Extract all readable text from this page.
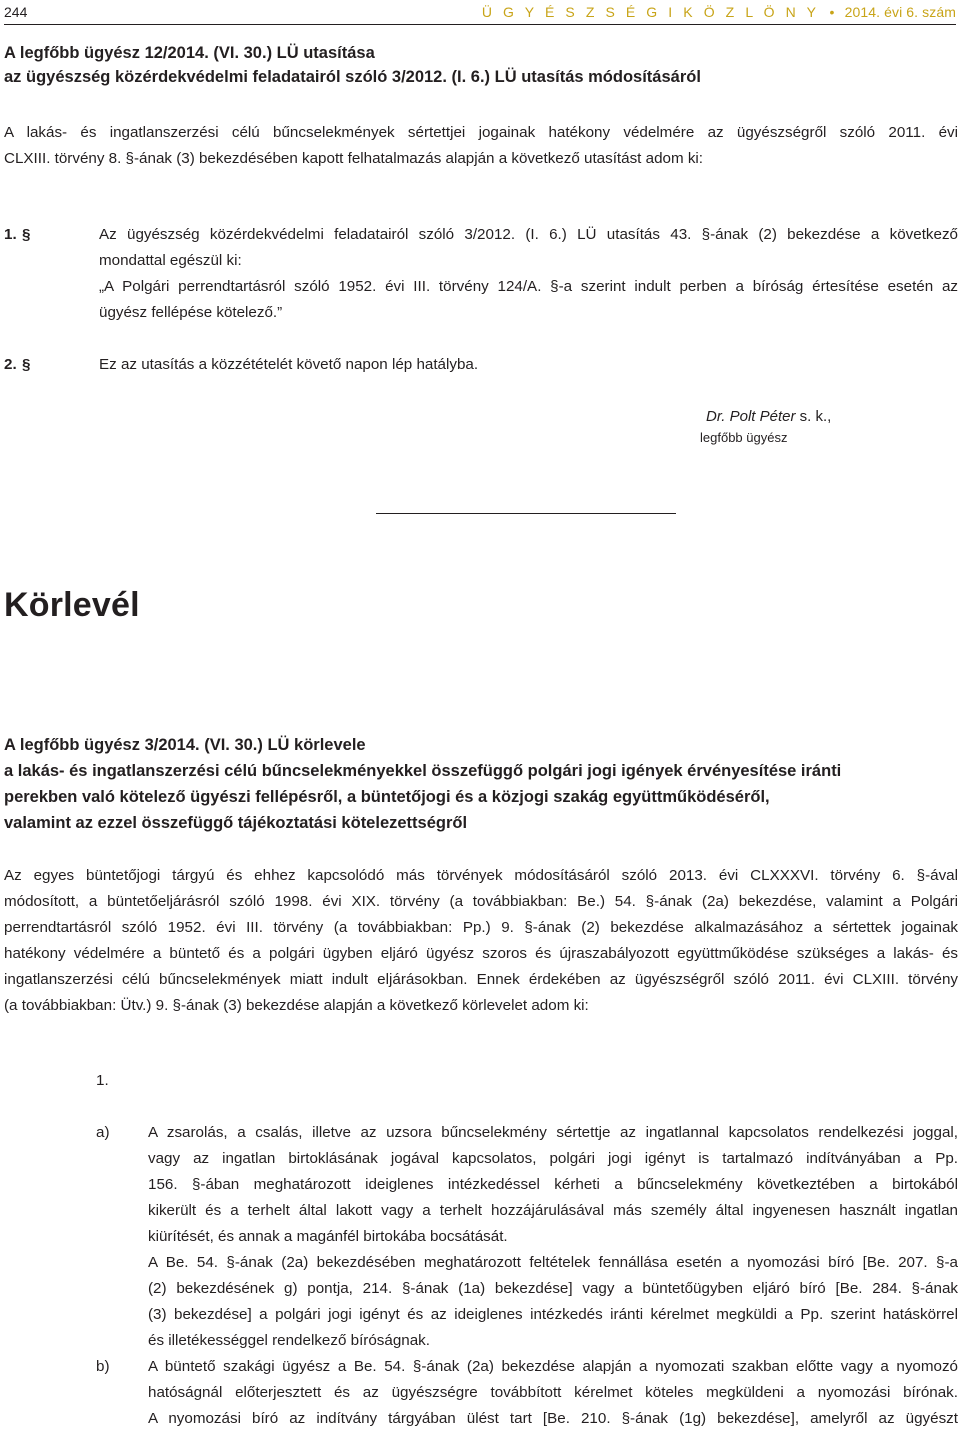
244	Ü G Y É S Z S É G I K Ö Z L Ö N Y • 2014. évi 6. szám
A legfőbb ügyész 12/2014. (VI. 30.) LÜ utasítása
az ügyészség közérdekvédelmi feladatairól szóló 3/2012. (I. 6.) LÜ utasítás módosításáról
A lakás- és ingatlanszerzési célú bűncselekmények sértettjei jogainak hatékony védelmére az ügyészségről szóló 2011. évi
CLXIII. törvény 8. §-ának (3) bekezdésében kapott felhatalmazás alapján a következő utasítást adom ki:
1. §	Az ügyészség közérdekvédelmi feladatairól szóló 3/2012. (I. 6.) LÜ utasítás 43. §-ának (2) bekezdése a következő
mondattal egészül ki:
„A Polgári perrendtartásról szóló 1952. évi III. törvény 124/A. §-a szerint indult perben a bíróság értesítése esetén az
ügyész fellépése kötelező.”
2. §	Ez az utasítás a közzétételét követő napon lép hatályba.
Dr. Polt Péter s. k.,
legfőbb ügyész
Körlevél
A legfőbb ügyész 3/2014. (VI. 30.) LÜ körlevele
a lakás- és ingatlanszerzési célú bűncselekményekkel összefüggő polgári jogi igények érvényesítése iránti
perekben való kötelező ügyészi fellépésről, a büntetőjogi és a közjogi szakág együttműködéséről,
valamint az ezzel összefüggő tájékoztatási kötelezettségről
Az egyes büntetőjogi tárgyú és ehhez kapcsolódó más törvények módosításáról szóló 2013. évi CLXXXVI. törvény 6. §-ával
módosított, a büntetőeljárásról szóló 1998. évi XIX. törvény (a továbbiakban: Be.) 54. §-ának (2a) bekezdése, valamint a Polgári
perrendtartásról szóló 1952. évi III. törvény (a továbbiakban: Pp.) 9. §-ának (2) bekezdése alkalmazásához a sértettek jogainak
hatékony védelmére a büntető és a polgári ügyben eljáró ügyész szoros és újraszabályozott együttműködése szükséges a lakás- és
ingatlanszerzési célú bűncselekmények miatt indult eljárásokban. Ennek érdekében az ügyészségről szóló 2011. évi CLXIII. törvény
(a továbbiakban: Ütv.) 9. §-ának (3) bekezdése alapján a következő körlevelet adom ki:
1.
a)	A zsarolás, a csalás, illetve az uzsora bűncselekmény sértettje az ingatlannal kapcsolatos rendelkezési joggal,
vagy az ingatlan birtoklásának jogával kapcsolatos, polgári jogi igényt is tartalmazó indítványában a Pp.
156. §-ában meghatározott ideiglenes intézkedéssel kérheti a bűncselekmény következtében a birtokából
kikerült és a terhelt által lakott vagy a terhelt hozzájárulásával más személy által ingyenesen használt ingatlan
kiürítését, és annak a magánfél birtokába bocsátását.
A Be. 54. §-ának (2a) bekezdésében meghatározott feltételek fennállása esetén a nyomozási bíró [Be. 207. §-a
(2) bekezdésének g) pontja, 214. §-ának (1a) bekezdése] vagy a büntetőügyben eljáró bíró [Be. 284. §-ának
(3) bekezdése] a polgári jogi igényt és az ideiglenes intézkedés iránti kérelmet megküldi a Pp. szerint hatáskörrel
és illetékességgel rendelkező bíróságnak.
b)	A büntető szakági ügyész a Be. 54. §-ának (2a) bekezdése alapján a nyomozati szakban előtte vagy a nyomozó
hatóságnál előterjesztett és az ügyészségre továbbított kérelmet köteles megküldeni a nyomozási bírónak.
A nyomozási bíró az indítvány tárgyában ülést tart [Be. 210. §-ának (1g) bekezdése], amelyről az ügyészt
